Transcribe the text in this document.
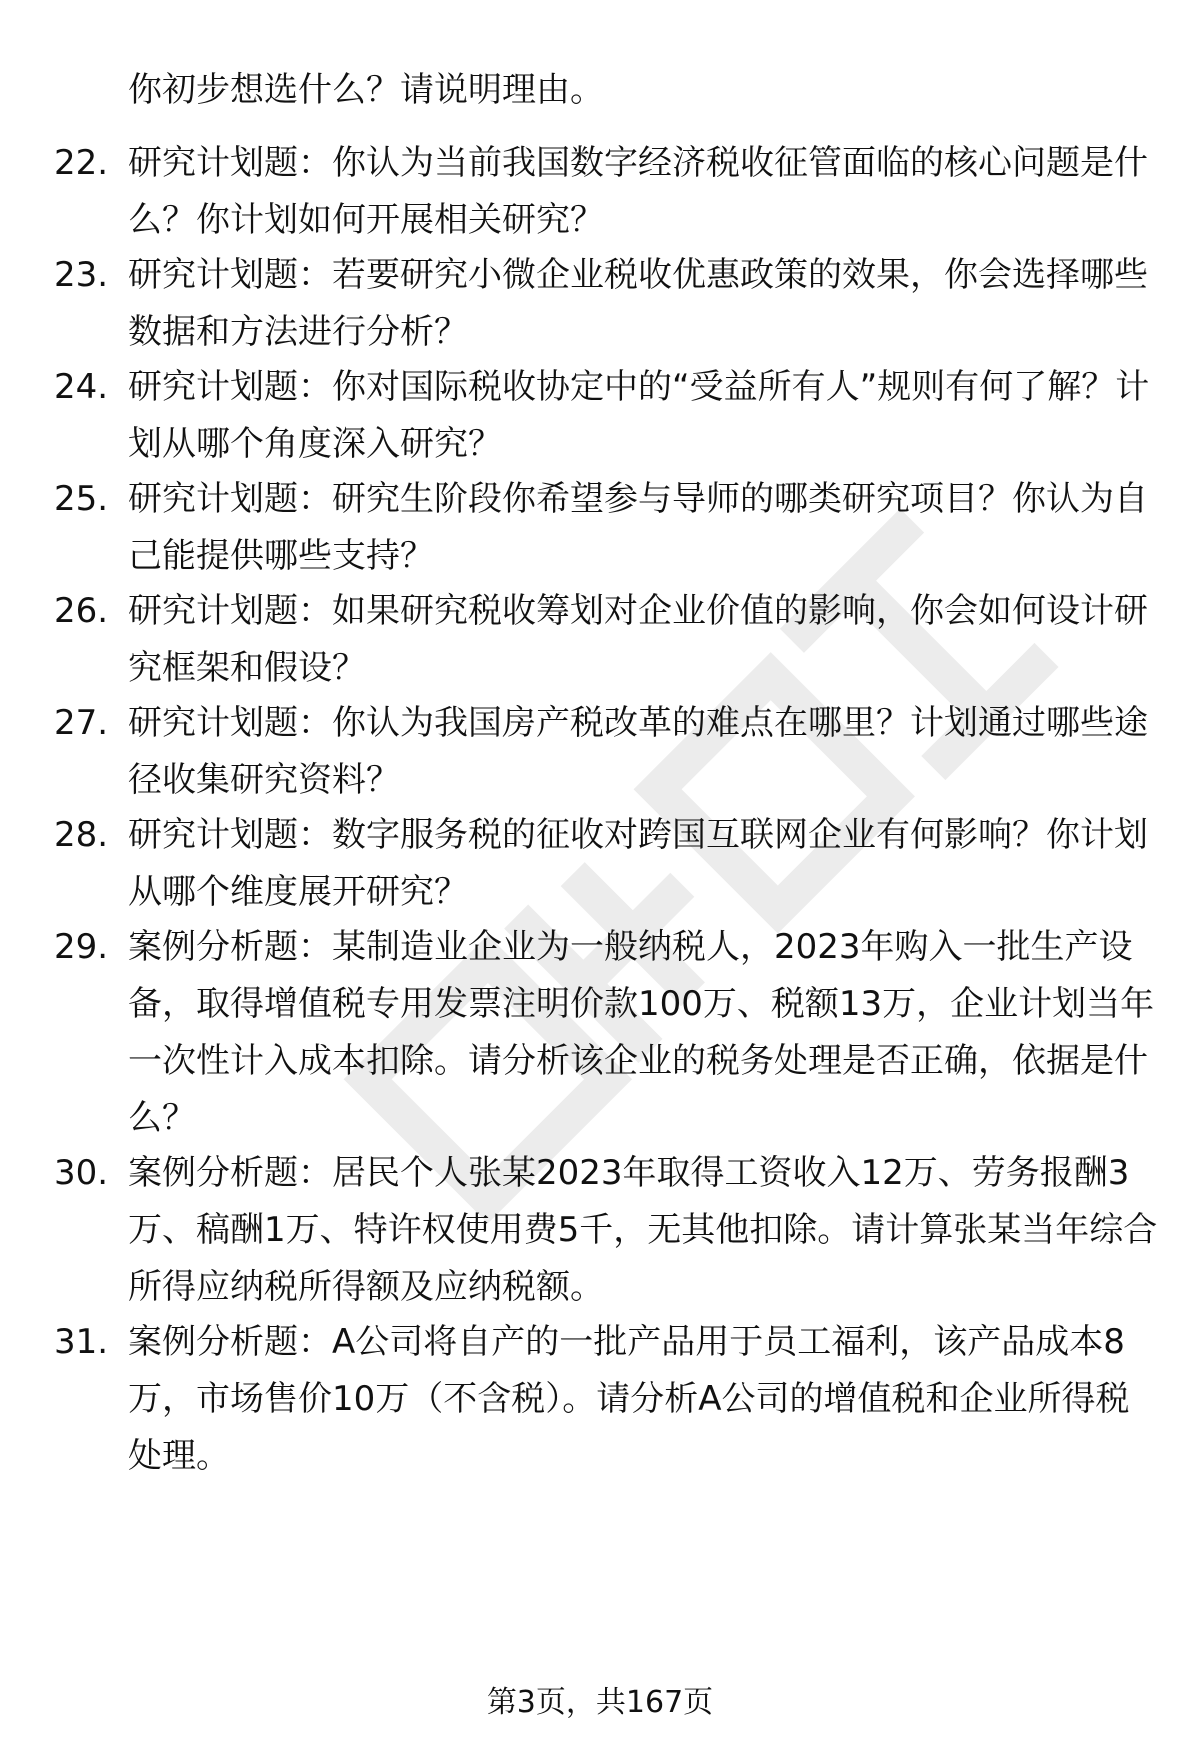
你初步想选什么？请说明理由。
22. 研究计划题：你认为当前我国数字经济税收征管面临的核心问题是什么？你计划如何开展相关研究？
23. 研究计划题：若要研究小微企业税收优惠政策的效果，你会选择哪些数据和方法进行分析？
24. 研究计划题：你对国际税收协定中的“受益所有人”规则有何了解？计划从哪个角度深入研究？
25. 研究计划题：研究生阶段你希望参与导师的哪类研究项目？你认为自己能提供哪些支持？
26. 研究计划题：如果研究税收筹划对企业价值的影响，你会如何设计研究框架和假设？
27. 研究计划题：你认为我国房产税改革的难点在哪里？计划通过哪些途径收集研究资料？
28. 研究计划题：数字服务税的征收对跨国互联网企业有何影响？你计划从哪个维度展开研究？
29. 案例分析题：某制造业企业为一般纳税人，2023年购入一批生产设备，取得增值税专用发票注明价款100万、税额13万，企业计划当年一次性计入成本扣除。请分析该企业的税务处理是否正确，依据是什么？
30. 案例分析题：居民个人张某2023年取得工资收入12万、劳务报酬3万、稿酬1万、特许权使用费5千，无其他扣除。请计算张某当年综合所得应纳税所得额及应纳税额。
31. 案例分析题：A公司将自产的一批产品用于员工福利，该产品成本8万，市场售价10万（不含税）。请分析A公司的增值税和企业所得税处理。
第3页，共167页
